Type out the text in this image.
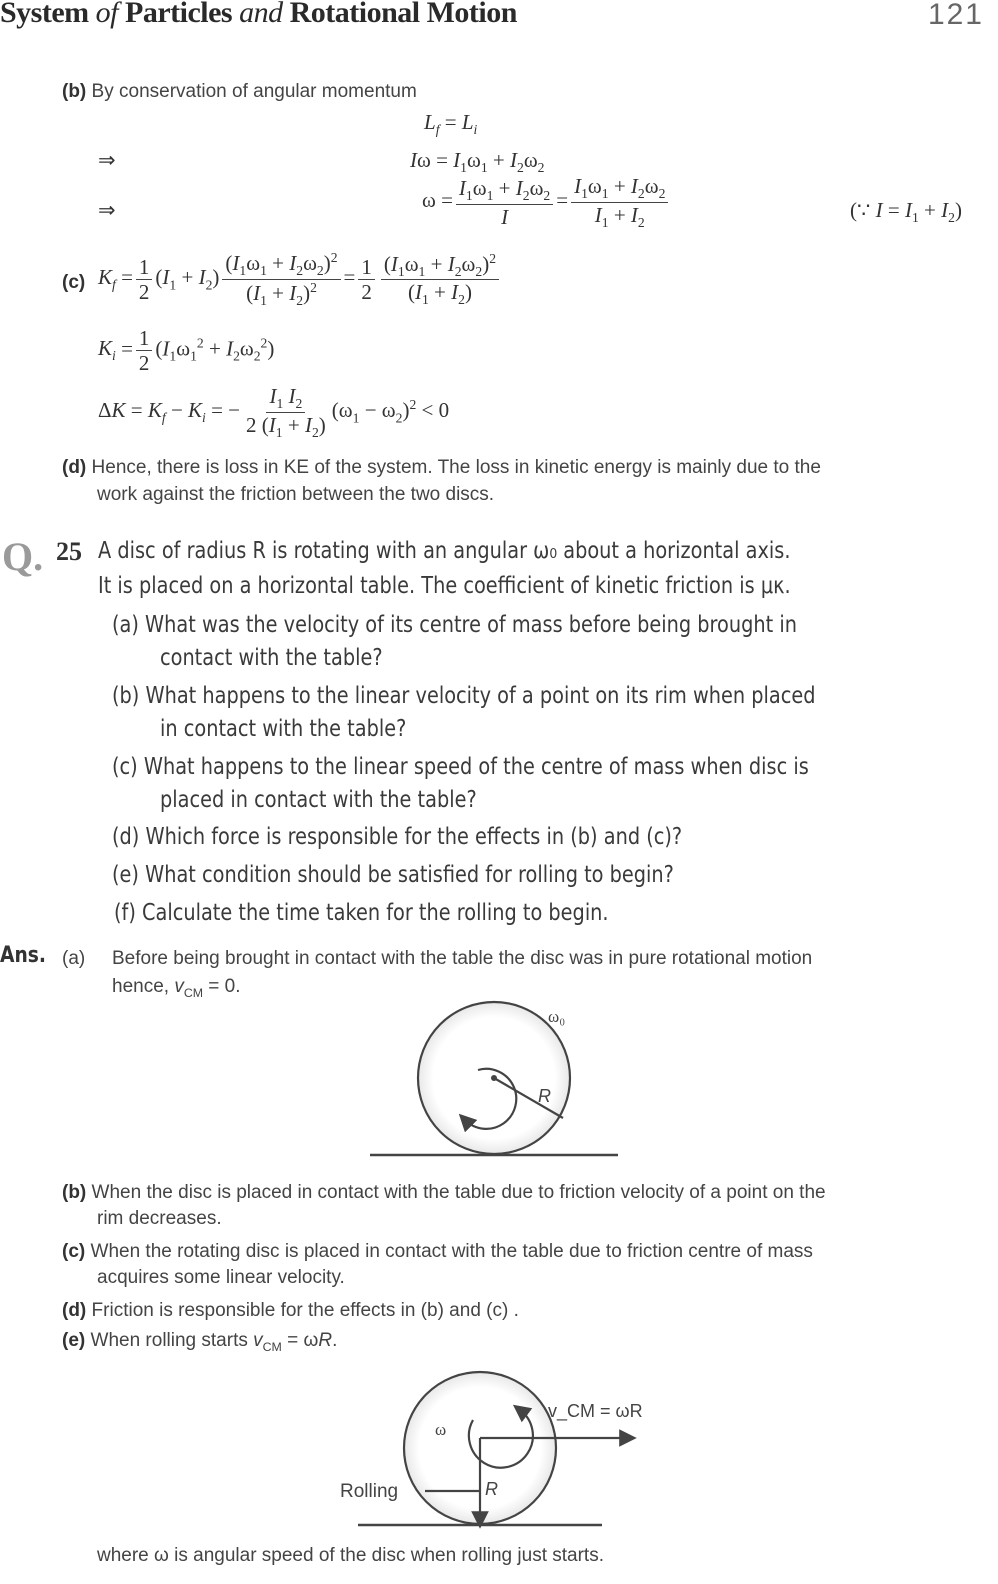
System of Particles and Rotational Motion	121
(b) By conservation of angular momentum
$L_f = L_i$
⇒	$I\omega = I_1\omega_1 + I_2\omega_2$
⇒	$\omega = \frac{I_1\omega_1 + I_2\omega_2}{I} = \frac{I_1\omega_1 + I_2\omega_2}{I_1 + I_2}$	(∵ $I = I_1 + I_2$)
(c) $K_f = \frac{1}{2} (I_1 + I_2) \frac{(I_1\omega_1 + I_2\omega_2)^2}{(I_1 + I_2)^2} = \frac{1}{2} \frac{(I_1\omega_1 + I_2\omega_2)^2}{(I_1 + I_2)}$
$K_i = \frac{1}{2} (I_1\omega_1^2 + I_2\omega_2^2)$
$\Delta K = K_f - K_i$ = − $\frac{I_1 I_2}{2 (I_1 + I_2)} (\omega_1 - \omega_2)^2 < 0$
(d) Hence, there is loss in KE of the system. The loss in kinetic energy is mainly due to the
work against the friction between the two discs.
Q. 25 A disc of radius R is rotating with an angular ω₀ about a horizontal axis.
It is placed on a horizontal table. The coefficient of kinetic friction is μκ.
(a) What was the velocity of its centre of mass before being brought in
contact with the table?
(b) What happens to the linear velocity of a point on its rim when placed
in contact with the table?
(c) What happens to the linear speed of the centre of mass when disc is
placed in contact with the table?
(d) Which force is responsible for the effects in (b) and (c)?
(e) What condition should be satisfied for rolling to begin?
(f) Calculate the time taken for the rolling to begin.
Ans. (a) Before being brought in contact with the table the disc was in pure rotational motion
hence, $v_{CM} = 0$.
R
ω₀
(b) When the disc is placed in contact with the table due to friction velocity of a point on the
rim decreases.
(c) When the rotating disc is placed in contact with the table due to friction centre of mass
acquires some linear velocity.
(d) Friction is responsible for the effects in (b) and (c) .
(e) When rolling starts $v_{CM} = \omega R$.
ω
v_CM = ωR
R
Rolling
where ω is angular speed of the disc when rolling just starts.
